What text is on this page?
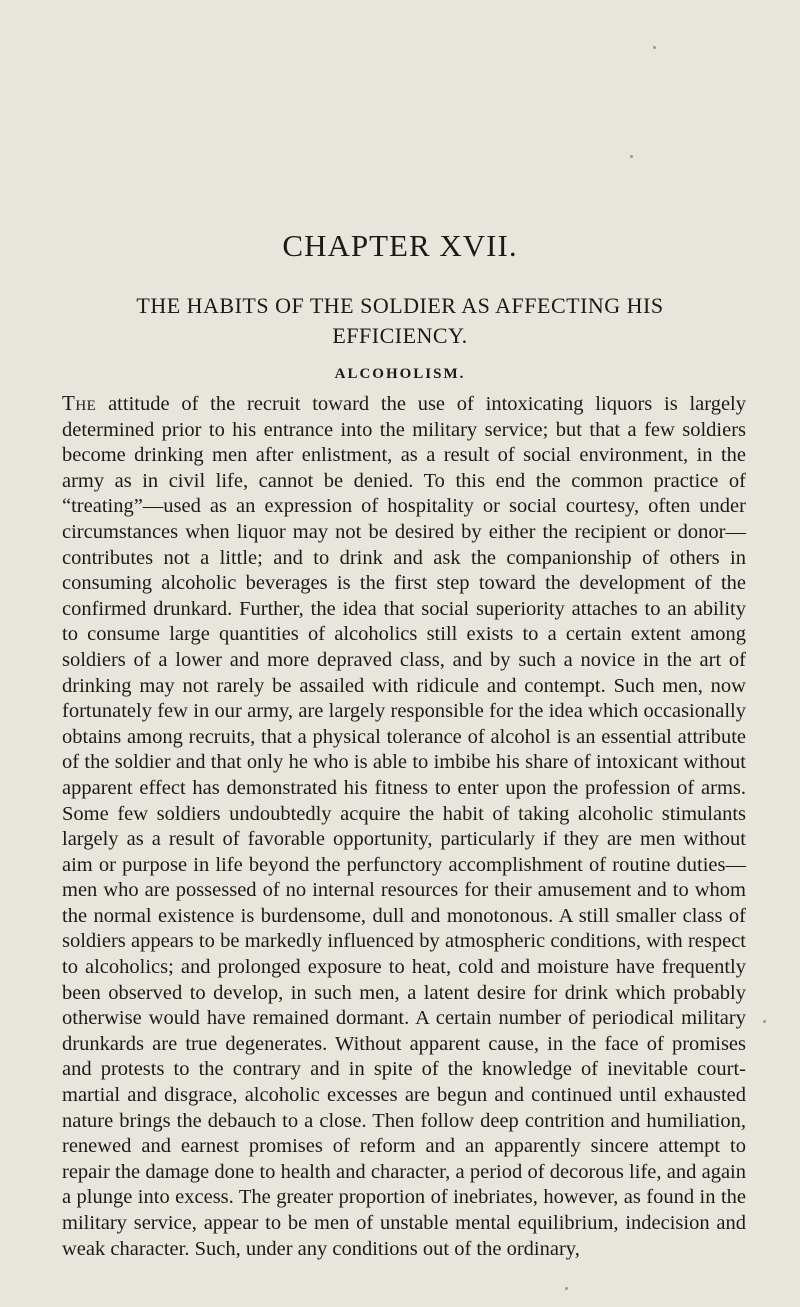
CHAPTER XVII.
THE HABITS OF THE SOLDIER AS AFFECTING HIS
EFFICIENCY.
ALCOHOLISM.
The attitude of the recruit toward the use of intoxicating liquors is largely determined prior to his entrance into the military service; but that a few soldiers become drinking men after enlistment, as a result of social environment, in the army as in civil life, cannot be denied. To this end the common practice of “treating”—used as an expression of hospitality or social courtesy, often under circumstances when liquor may not be desired by either the recipient or donor—contributes not a little; and to drink and ask the companionship of others in consuming alcoholic beverages is the first step toward the development of the confirmed drunkard. Further, the idea that social superiority attaches to an ability to consume large quantities of alcoholics still exists to a certain extent among soldiers of a lower and more depraved class, and by such a novice in the art of drinking may not rarely be assailed with ridicule and contempt. Such men, now fortunately few in our army, are largely responsible for the idea which occasionally obtains among recruits, that a physical tolerance of alcohol is an essential attribute of the soldier and that only he who is able to imbibe his share of intoxicant without apparent effect has demonstrated his fitness to enter upon the profession of arms. Some few soldiers undoubtedly acquire the habit of taking alcoholic stimulants largely as a result of favorable opportunity, particularly if they are men without aim or purpose in life beyond the perfunctory accomplishment of routine duties—men who are possessed of no internal resources for their amusement and to whom the normal existence is burdensome, dull and monotonous. A still smaller class of soldiers appears to be markedly influenced by atmospheric conditions, with respect to alcoholics; and prolonged exposure to heat, cold and moisture have frequently been observed to develop, in such men, a latent desire for drink which probably otherwise would have remained dormant. A certain number of periodical military drunkards are true degenerates. Without apparent cause, in the face of promises and protests to the contrary and in spite of the knowledge of inevitable court-martial and disgrace, alcoholic excesses are begun and continued until exhausted nature brings the debauch to a close. Then follow deep contrition and humiliation, renewed and earnest promises of reform and an apparently sincere attempt to repair the damage done to health and character, a period of decorous life, and again a plunge into excess. The greater proportion of inebriates, however, as found in the military service, appear to be men of unstable mental equilibrium, indecision and weak character. Such, under any conditions out of the ordinary,
